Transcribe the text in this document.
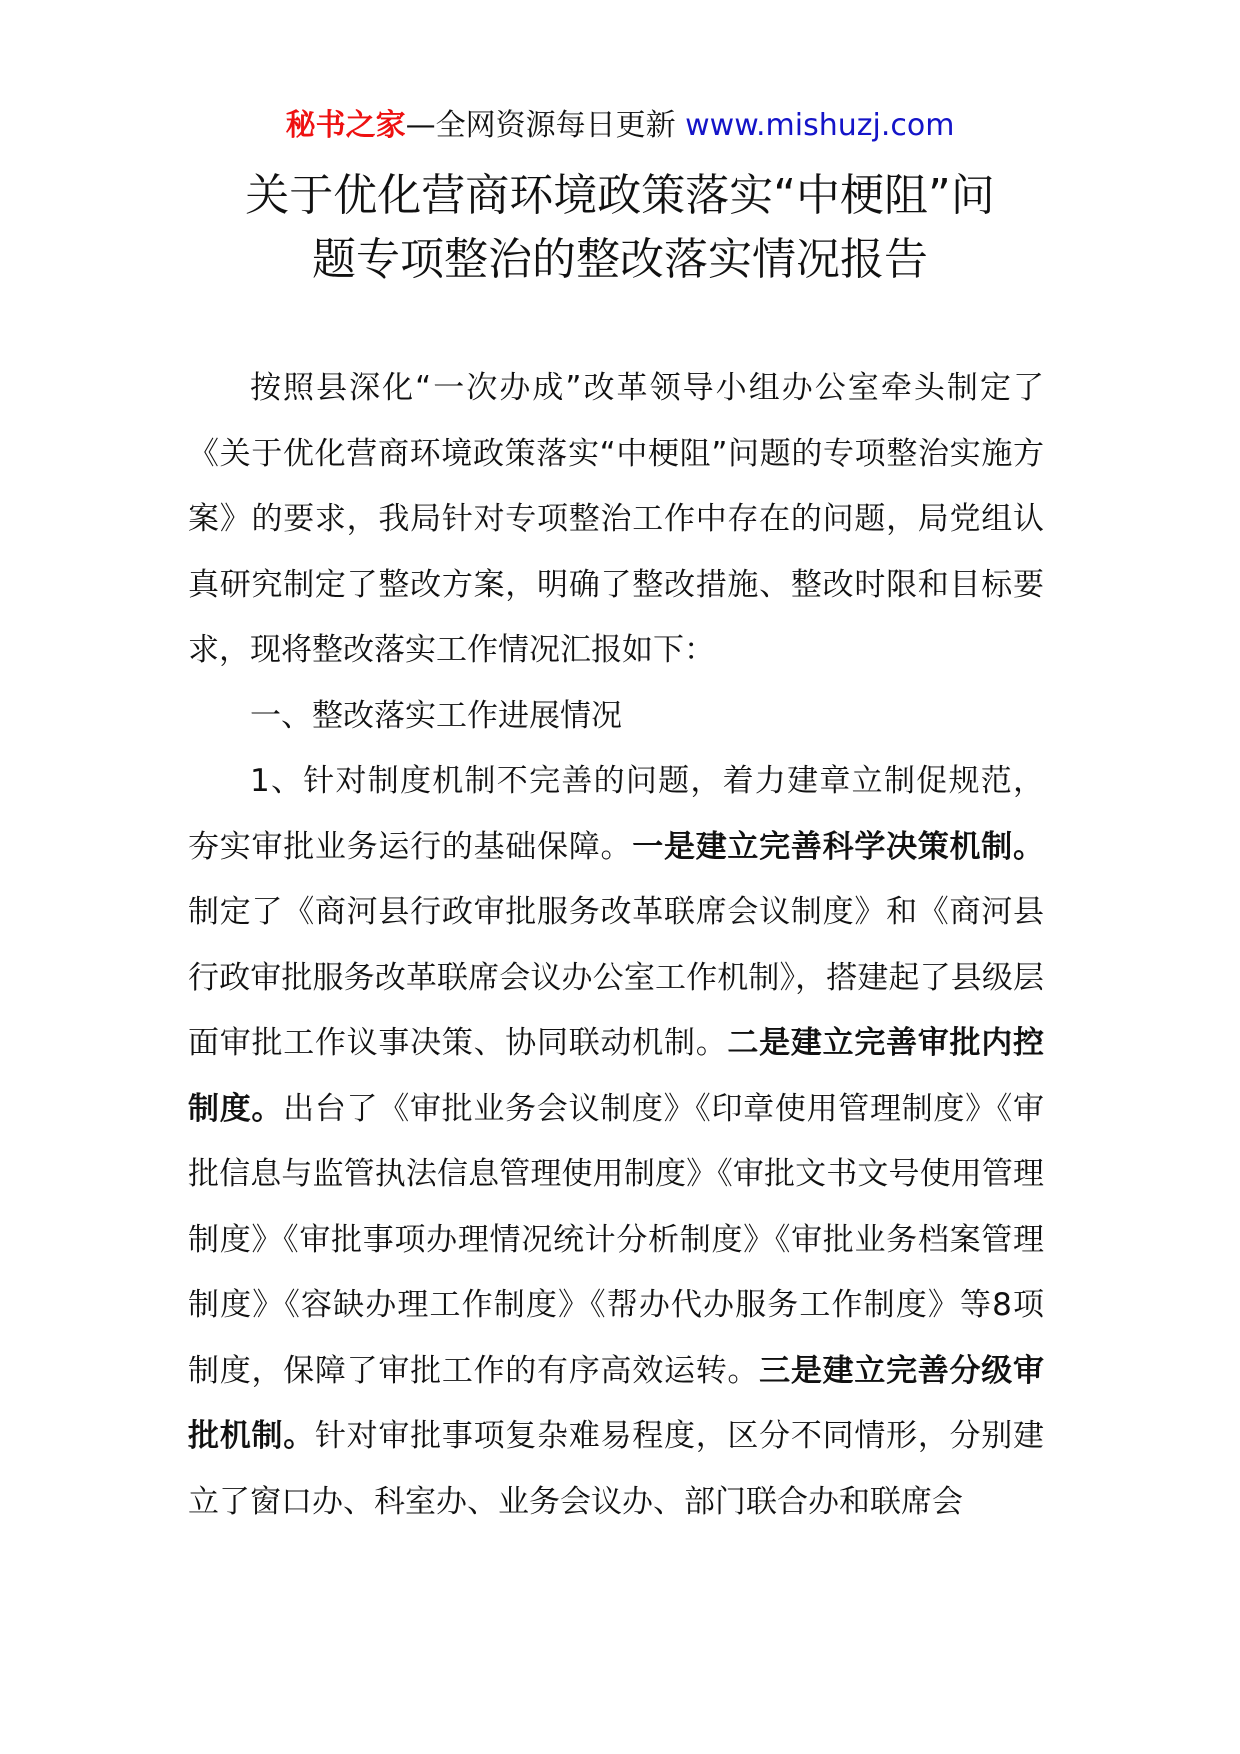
秘书之家—全网资源每日更新 www.mishuzj.com
关于优化营商环境政策落实“中梗阻”问
题专项整治的整改落实情况报告

按照县深化“一次办成”改革领导小组办公室牵头制定了《关于优化营商环境政策落实“中梗阻”问题的专项整治实施方案》的要求，我局针对专项整治工作中存在的问题，局党组认真研究制定了整改方案，明确了整改措施、整改时限和目标要求，现将整改落实工作情况汇报如下：

一、整改落实工作进展情况

1、针对制度机制不完善的问题，着力建章立制促规范，夯实审批业务运行的基础保障。一是建立完善科学决策机制。制定了《商河县行政审批服务改革联席会议制度》和《商河县行政审批服务改革联席会议办公室工作机制》，搭建起了县级层面审批工作议事决策、协同联动机制。二是建立完善审批内控制度。出台了《审批业务会议制度》《印章使用管理制度》《审批信息与监管执法信息管理使用制度》《审批文书文号使用管理制度》《审批事项办理情况统计分析制度》《审批业务档案管理制度》《容缺办理工作制度》《帮办代办服务工作制度》等8项制度，保障了审批工作的有序高效运转。三是建立完善分级审批机制。针对审批事项复杂难易程度，区分不同情形，分别建立了窗口办、科室办、业务会议办、部门联合办和联席会
